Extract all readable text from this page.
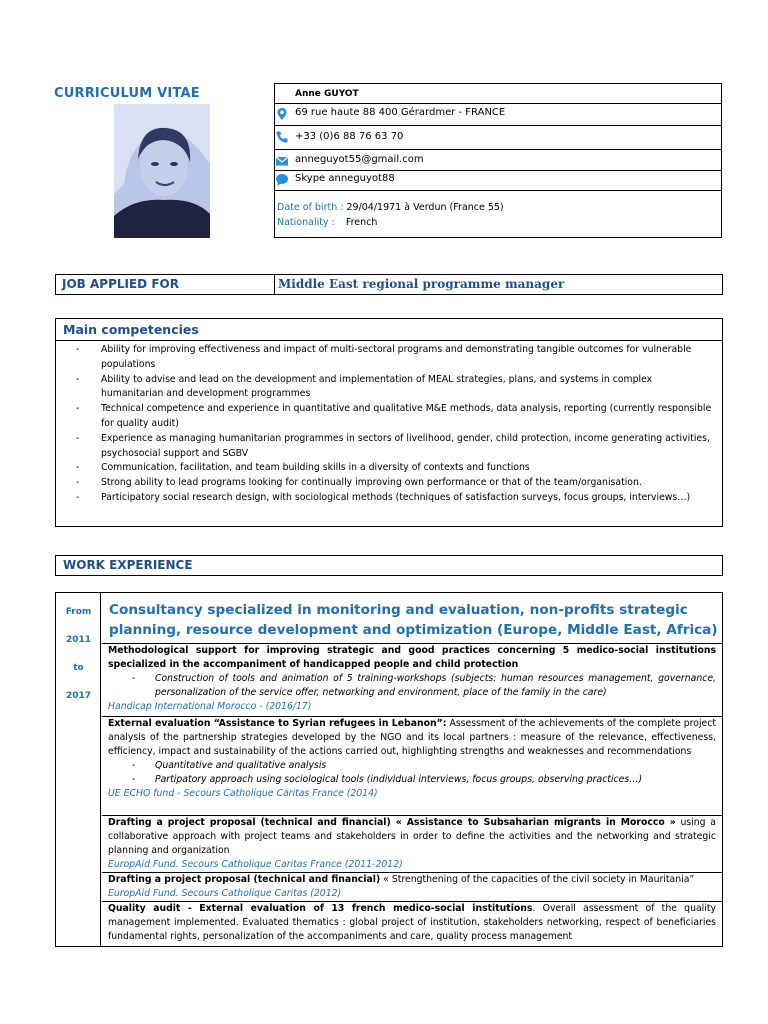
CURRICULUM VITAE	Anne GUYOT
69 rue haute 88 400 Gérardmer - FRANCE
+33 (0)6 88 76 63 70
anneguyot55@gmail.com
Skype anneguyot88
Date of birth : 29/04/1971 à Verdun (France 55)
Nationality : French
JOB APPLIED FOR	Middle East regional programme manager
Main competencies
- Ability for improving effectiveness and impact of multi-sectoral programs and demonstrating tangible outcomes for vulnerable populations
- Ability to advise and lead on the development and implementation of MEAL strategies, plans, and systems in complex humanitarian and development programmes
- Technical competence and experience in quantitative and qualitative M&E methods, data analysis, reporting (currently responsible for quality audit)
- Experience as managing humanitarian programmes in sectors of livelihood, gender, child protection, income generating activities, psychosocial support and SGBV
- Communication, facilitation, and team building skills in a diversity of contexts and functions
- Strong ability to lead programs looking for continually improving own performance or that of the team/organisation.
- Participatory social research design, with sociological methods (techniques of satisfaction surveys, focus groups, interviews…)
WORK EXPERIENCE
From
2011
to
2017
Consultancy specialized in monitoring and evaluation, non-profits strategic planning, resource development and optimization (Europe, Middle East, Africa)
Methodological support for improving strategic and good practices concerning 5 medico-social institutions specialized in the accompaniment of handicapped people and child protection
- Construction of tools and animation of 5 training-workshops (subjects: human resources management, governance, personalization of the service offer, networking and environment, place of the family in the care)
Handicap International Morocco - (2016/17)
External evaluation “Assistance to Syrian refugees in Lebanon”: Assessment of the achievements of the complete project analysis of the partnership strategies developed by the NGO and its local partners : measure of the relevance, effectiveness, efficiency, impact and sustainability of the actions carried out, highlighting strengths and weaknesses and recommendations
- Quantitative and qualitative analysis
- Partipatory approach using sociological tools (individual interviews, focus groups, observing practices…)
UE ECHO fund - Secours Catholique Caritas France (2014)
Drafting a project proposal (technical and financial) « Assistance to Subsaharian migrants in Morocco » using a collaborative approach with project teams and stakeholders in order to define the activities and the networking and strategic planning and organization
EuropAid Fund. Secours Catholique Caritas France (2011-2012)
Drafting a project proposal (technical and financial) « Strengthening of the capacities of the civil society in Mauritania”
EuropAid Fund. Secours Catholique Caritas (2012)
Quality audit - External evaluation of 13 french medico-social institutions. Overall assessment of the quality management implemented. Evaluated thematics : global project of institution, stakeholders networking, respect of beneficiaries fundamental rights, personalization of the accompaniments and care, quality process management
